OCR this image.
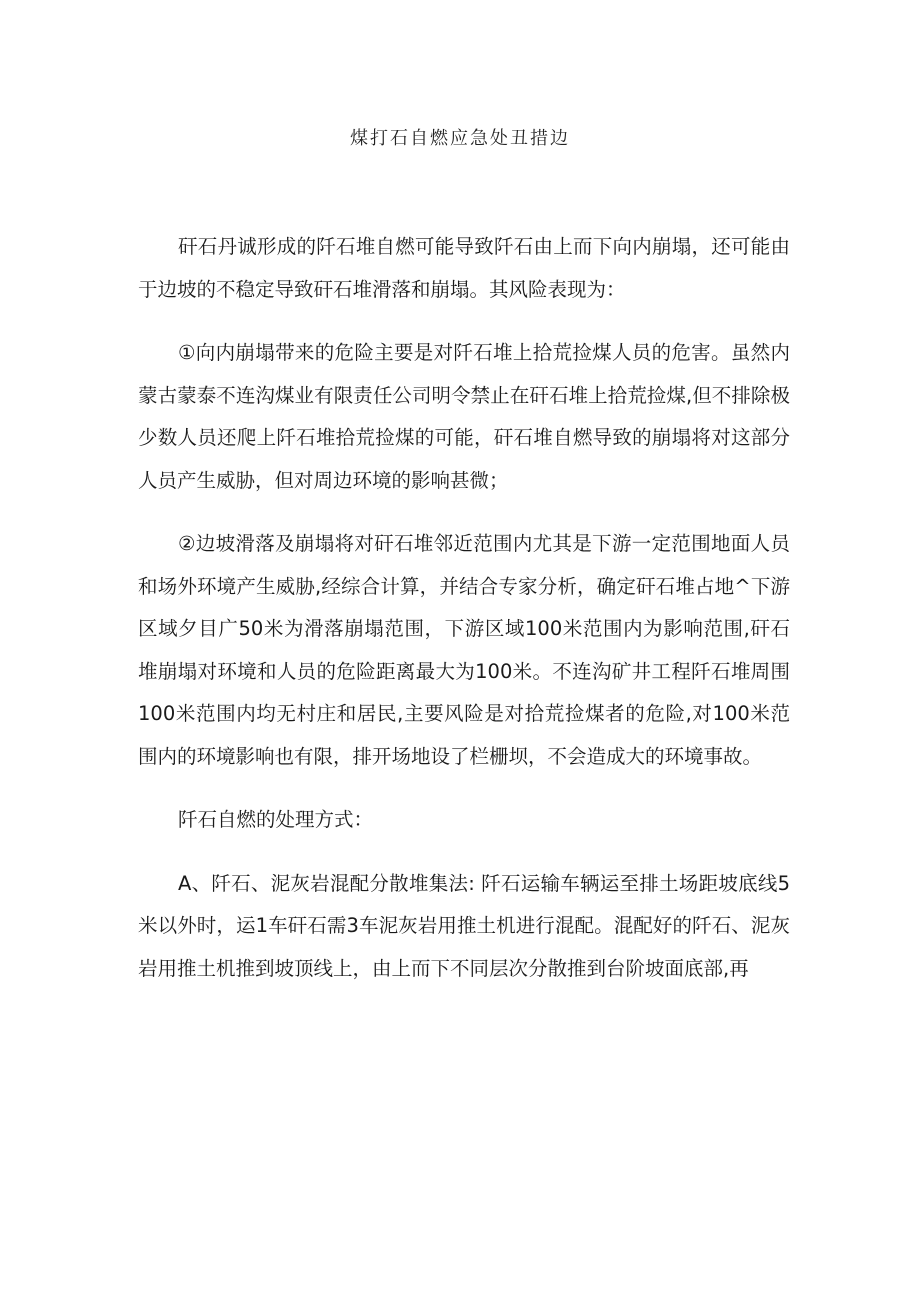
煤打石自燃应急处丑措边

矸石丹诚形成的阡石堆自燃可能导致阡石由上而下向内崩塌，还可能由于边坡的不稳定导致矸石堆滑落和崩塌。其风险表现为：

①向内崩塌带来的危险主要是对阡石堆上拾荒捡煤人员的危害。虽然内蒙古蒙泰不连沟煤业有限责任公司明令禁止在矸石堆上拾荒捡煤,但不排除极少数人员还爬上阡石堆拾荒捡煤的可能，矸石堆自燃导致的崩塌将对这部分人员产生威胁，但对周边环境的影响甚微；

②边坡滑落及崩塌将对矸石堆邻近范围内尤其是下游一定范围地面人员和场外环境产生威胁,经综合计算，并结合专家分析，确定矸石堆占地^下游区域夕目广50米为滑落崩塌范围，下游区域100米范围内为影响范围,矸石堆崩塌对环境和人员的危险距离最大为100米。不连沟矿井工程阡石堆周围100米范围内均无村庄和居民,主要风险是对拾荒捡煤者的危险,对100米范围内的环境影响也有限，排开场地设了栏栅坝，不会造成大的环境事故。

阡石自燃的处理方式：

A、阡石、泥灰岩混配分散堆集法: 阡石运输车辆运至排土场距坡底线5米以外时，运1车矸石需3车泥灰岩用推土机进行混配。混配好的阡石、泥灰岩用推土机推到坡顶线上，由上而下不同层次分散推到台阶坡面底部,再
